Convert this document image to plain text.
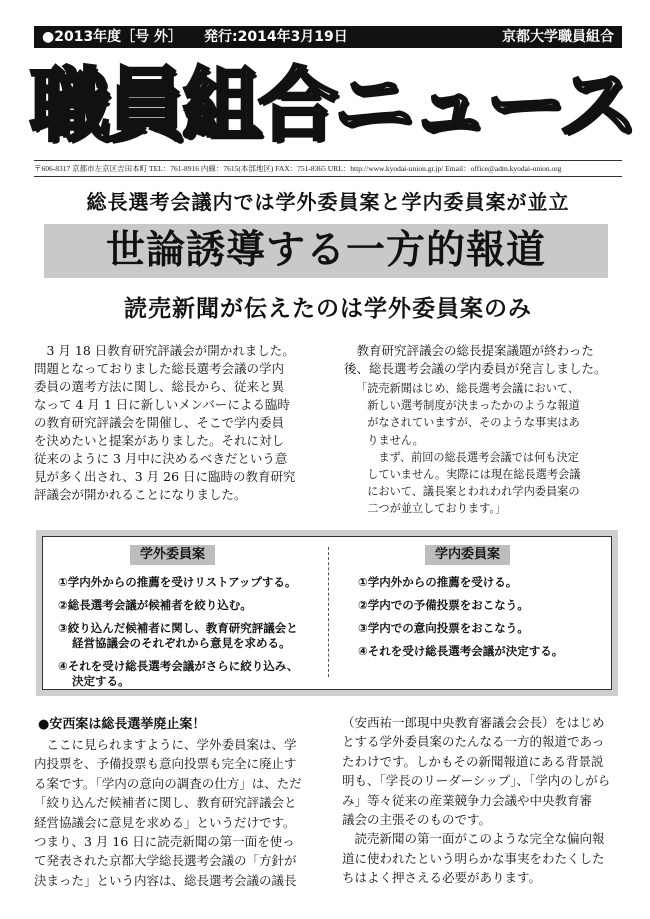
●2013年度［号 外］ 発行:2014年3月19日	京都大学職員組合
職員組合ニュース
〒606-8317 京都市左京区吉田本町 TEL：761-8916 内線：7615(本部地区) FAX：751-8365 URL：http://www.kyodai-union.gr.jp/ Email：office@adm.kyodai-union.org
総長選考会議内では学外委員案と学内委員案が並立
世論誘導する一方的報道
読売新聞が伝えたのは学外委員案のみ
　3 月 18 日教育研究評議会が開かれました。
問題となっておりました総長選考会議の学内
委員の選考方法に関し、総長から、従来と異
なって 4 月 1 日に新しいメンバーによる臨時
の教育研究評議会を開催し、そこで学内委員
を決めたいと提案がありました。それに対し
従来のように 3 月中に決めるべきだという意
見が多く出され、3 月 26 日に臨時の教育研究
評議会が開かれることになりました。
　教育研究評議会の総長提案議題が終わった
後、総長選考会議の学内委員が発言しました。
「読売新聞はじめ、総長選考会議において、
　新しい選考制度が決まったかのような報道
　がなされていますが、そのような事実はあ
　りません。
　　まず、前回の総長選考会議では何も決定
　していません。実際には現在総長選考会議
　において、議長案とわれわれ学内委員案の
　二つが並立しております。」
学外委員案
①学内外からの推薦を受けリストアップする。
②総長選考会議が候補者を絞り込む。
③絞り込んだ候補者に関し、教育研究評議会と
経営協議会のそれぞれから意見を求める。
④それを受け総長選考会議がさらに絞り込み、
決定する。
学内委員案
①学内外からの推薦を受ける。
②学内での予備投票をおこなう。
③学内での意向投票をおこなう。
④それを受け総長選考会議が決定する。
●安西案は総長選挙廃止案！
　ここに見られますように、学外委員案は、学
内投票を、予備投票も意向投票も完全に廃止す
る案です。「学内の意向の調査の仕方」は、ただ
「絞り込んだ候補者に関し、教育研究評議会と
経営協議会に意見を求める」というだけです。
つまり、3 月 16 日に読売新聞の第一面を使っ
て発表された京都大学総長選考会議の「方針が
決まった」という内容は、総長選考会議の議長
（安西祐一郎現中央教育審議会会長）をはじめ
とする学外委員案のたんなる一方的報道であっ
たわけです。しかもその新聞報道にある背景説
明も、「学長のリーダーシップ」、「学内のしがら
み」等々従来の産業競争力会議や中央教育審
議会の主張そのものです。
　読売新聞の第一面がこのような完全な偏向報
道に使われたという明らかな事実をわたくした
ちはよく押さえる必要があります。
